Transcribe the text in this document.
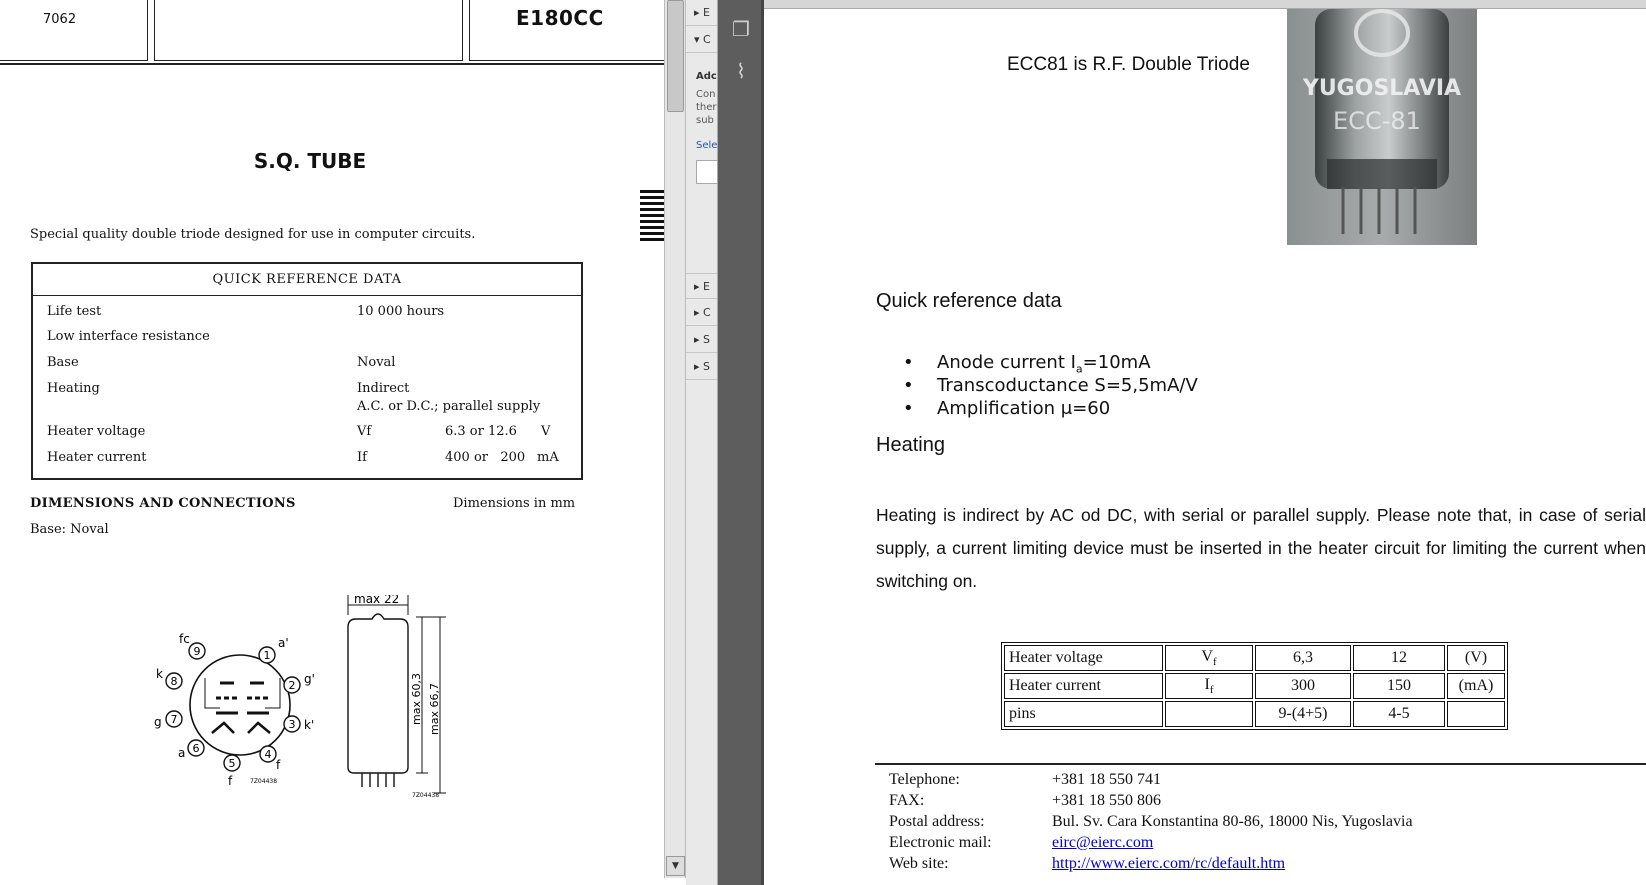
7062	E180CC
S.Q. TUBE
Special quality double triode designed for use in computer circuits.
QUICK REFERENCE DATA
Life test	10 000 hours
Low interface resistance
Base	Noval
Heating	Indirect
A.C. or D.C.; parallel supply
Heater voltage	Vf	6.3 or 12.6 V
Heater current	If	400 or   200 mA
DIMENSIONS AND CONNECTIONS	Dimensions in mm
Base: Noval
1
2
3
4
5
6
7
8
9
a'
g'
k'
f
f
a
g
k
fc
7Z04438
max 22
max 60,3 max 66,7
7Z04438
▼
▸ E
▾ C
Adc
Con
ther
sub
Sele
▸ E
▸ C
▸ S
▸ S
❐
⌇	ECC81 is R.F. Double Triode
YUGOSLAVIA
ECC-81
Quick reference data
• Anode current $I_a=10mA$
• Transcoductance S=5,5mA/V
• Amplification μ=60
Heating
Heating is indirect by AC od DC, with serial or parallel supply. Please note that, in case of serial supply, a current limiting device must be inserted in the heater circuit for limiting the current when switching on.
Heater voltage	$V_f$	6,3	12	(V)
Heater current	$I_f$	300	150	(mA)
pins		9-(4+5)	4-5	
Telephone:	+381 18 550 741
FAX:	+381 18 550 806
Postal address:	Bul. Sv. Cara Konstantina 80-86, 18000 Nis, Yugoslavia
Electronic mail:	eirc@eierc.com
Web site:	http://www.eierc.com/rc/default.htm
